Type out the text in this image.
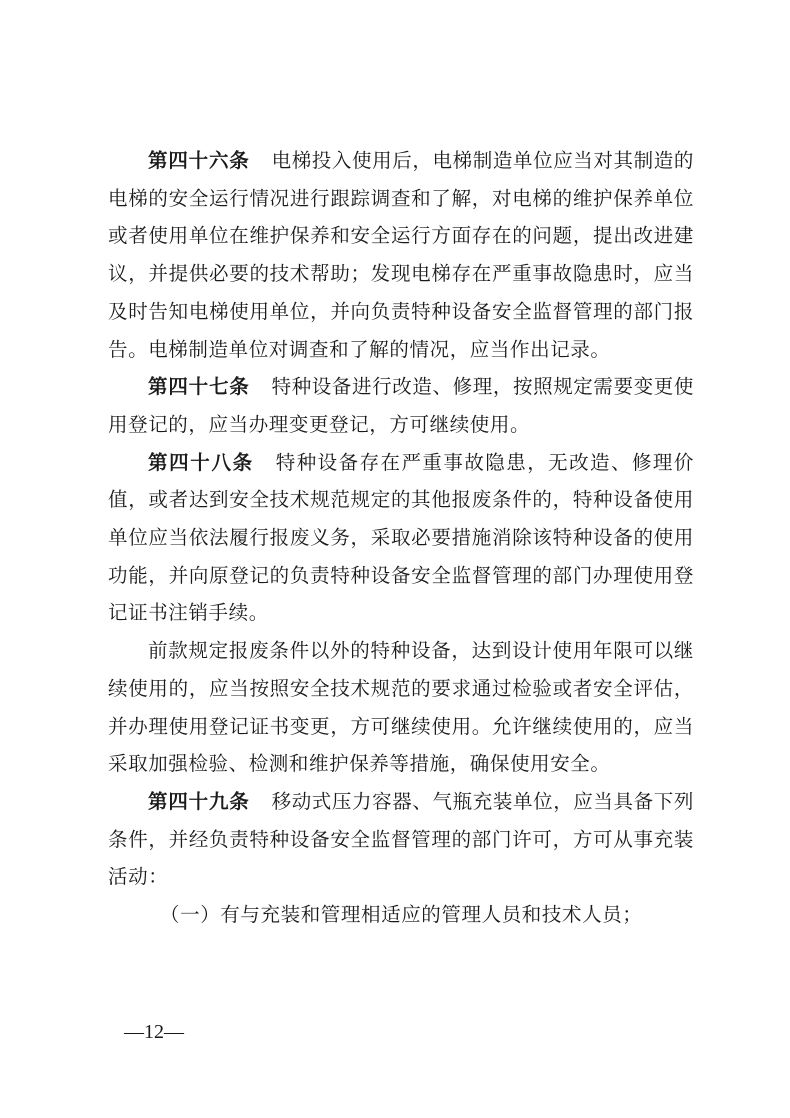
第四十六条 电梯投入使用后，电梯制造单位应当对其制造的电梯的安全运行情况进行跟踪调查和了解，对电梯的维护保养单位或者使用单位在维护保养和安全运行方面存在的问题，提出改进建议，并提供必要的技术帮助；发现电梯存在严重事故隐患时，应当及时告知电梯使用单位，并向负责特种设备安全监督管理的部门报告。电梯制造单位对调查和了解的情况，应当作出记录。

第四十七条 特种设备进行改造、修理，按照规定需要变更使用登记的，应当办理变更登记，方可继续使用。

第四十八条 特种设备存在严重事故隐患，无改造、修理价值，或者达到安全技术规范规定的其他报废条件的，特种设备使用单位应当依法履行报废义务，采取必要措施消除该特种设备的使用功能，并向原登记的负责特种设备安全监督管理的部门办理使用登记证书注销手续。

前款规定报废条件以外的特种设备，达到设计使用年限可以继续使用的，应当按照安全技术规范的要求通过检验或者安全评估，并办理使用登记证书变更，方可继续使用。允许继续使用的，应当采取加强检验、检测和维护保养等措施，确保使用安全。

第四十九条 移动式压力容器、气瓶充装单位，应当具备下列条件，并经负责特种设备安全监督管理的部门许可，方可从事充装活动：

（一）有与充装和管理相适应的管理人员和技术人员；

—12—
